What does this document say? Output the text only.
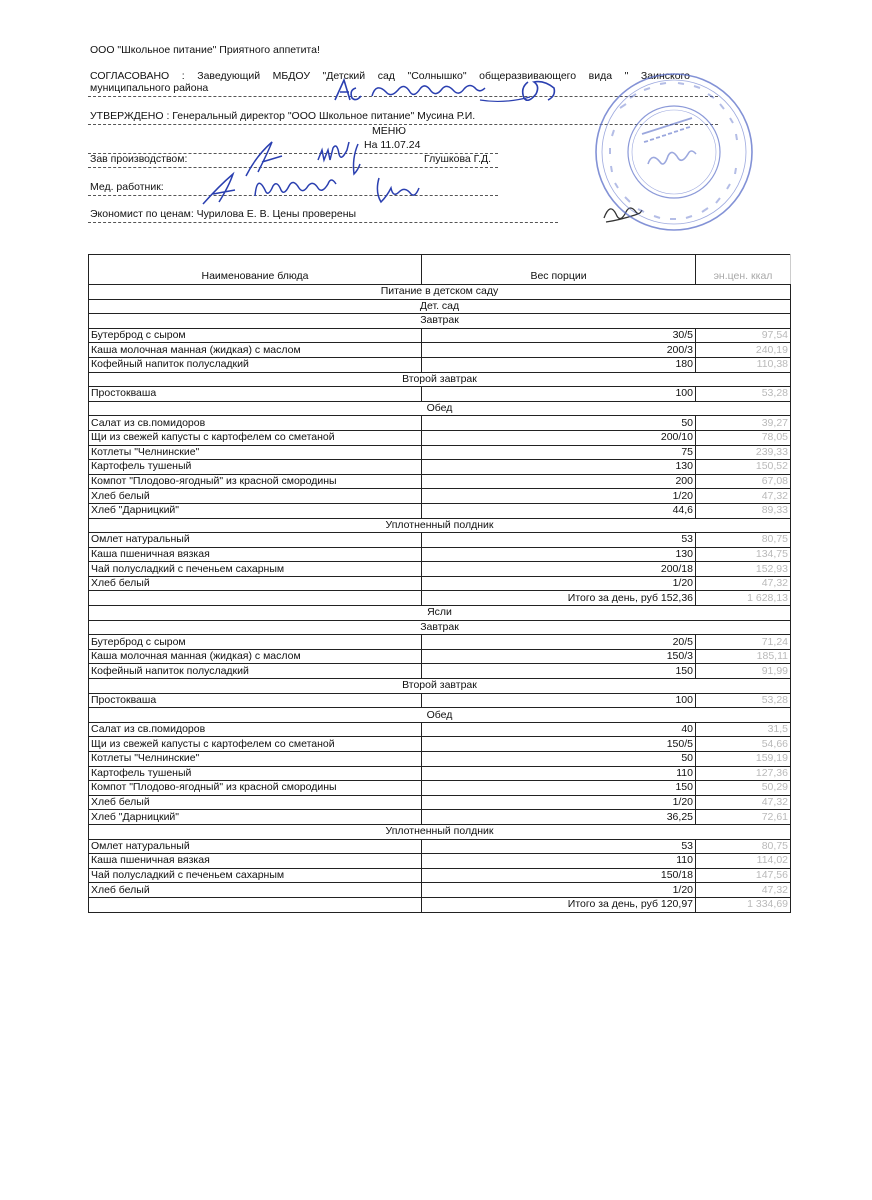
ООО "Школьное питание" Приятного аппетита!
СОГЛАСОВАНО : Заведующий МБДОУ "Детский сад "Солнышко" общеразвивающего вида " Заинского
муниципального района
УТВЕРЖДЕНО : Генеральный директор "ООО Школьное питание" Мусина Р.И.
МЕНЮ
На 11.07.24
Зав производством:	Глушкова Г.Д.
Мед. работник:
Экономист по ценам: Чурилова Е. В. Цены проверены
Наименование блюда	Вес порции	эн.цен. ккал
Питание в детском саду		
Дет. сад		
Завтрак		
Бутерброд с сыром	30/5	97,54
Каша молочная манная (жидкая) с маслом	200/3	240,19
Кофейный напиток полусладкий	180	110,38
Второй завтрак		
Простокваша	100	53,28
Обед		
Салат из св.помидоров	50	39,27
Щи из свежей капусты с картофелем со сметаной	200/10	78,05
Котлеты "Челнинские"	75	239,33
Картофель тушеный	130	150,52
Компот "Плодово-ягодный" из красной смородины	200	67,08
Хлеб белый	1/20	47,32
Хлеб "Дарницкий"	44,6	89,33
Уплотненный полдник		
Омлет натуральный	53	80,75
Каша пшеничная вязкая	130	134,75
Чай полусладкий с печеньем сахарным	200/18	152,93
Хлеб белый	1/20	47,32
	Итого за день, руб 152,36	1 628,13
Ясли		
Завтрак		
Бутерброд с сыром	20/5	71,24
Каша молочная манная (жидкая) с маслом	150/3	185,11
Кофейный напиток полусладкий	150	91,99
Второй завтрак		
Простокваша	100	53,28
Обед		
Салат из св.помидоров	40	31,5
Щи из свежей капусты с картофелем со сметаной	150/5	54,66
Котлеты "Челнинские"	50	159,19
Картофель тушеный	110	127,36
Компот "Плодово-ягодный" из красной смородины	150	50,29
Хлеб белый	1/20	47,32
Хлеб "Дарницкий"	36,25	72,61
Уплотненный полдник		
Омлет натуральный	53	80,75
Каша пшеничная вязкая	110	114,02
Чай полусладкий с печеньем сахарным	150/18	147,56
Хлеб белый	1/20	47,32
	Итого за день, руб 120,97	1 334,69
